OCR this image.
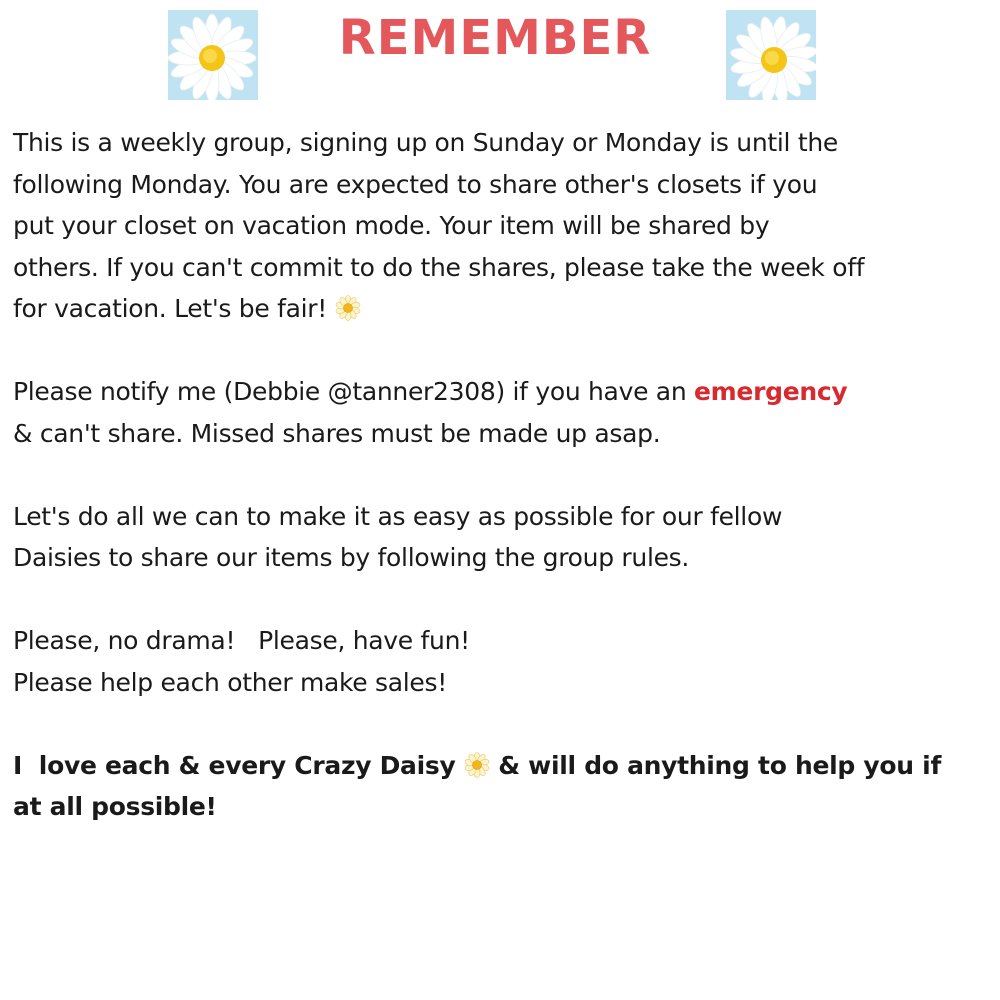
REMEMBER
This is a weekly group, signing up on Sunday or Monday is until the
following Monday. You are expected to share other's closets if you
put your closet on vacation mode. Your item will be shared by
others. If you can't commit to do the shares, please take the week off
for vacation. Let's be fair!
Please notify me (Debbie @tanner2308) if you have an emergency
& can't share. Missed shares must be made up asap.
Let's do all we can to make it as easy as possible for our fellow
Daisies to share our items by following the group rules.
Please, no drama!   Please, have fun!
Please help each other make sales!
I  love each & every Crazy Daisy  & will do anything to help you if
at all possible!
